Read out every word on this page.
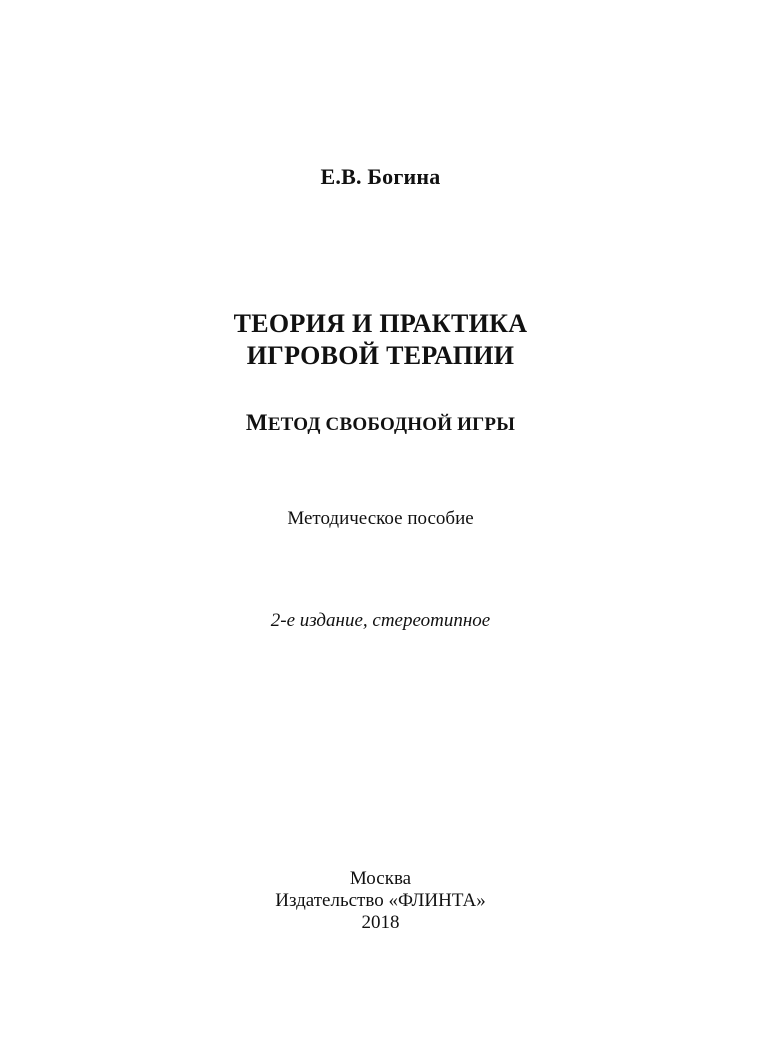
Е.В. Богина
ТЕОРИЯ И ПРАКТИКА
ИГРОВОЙ ТЕРАПИИ
МЕТОД СВОБОДНОЙ ИГРЫ
Методическое пособие
2-е издание, стереотипное
Москва
Издательство «ФЛИНТА»
2018
